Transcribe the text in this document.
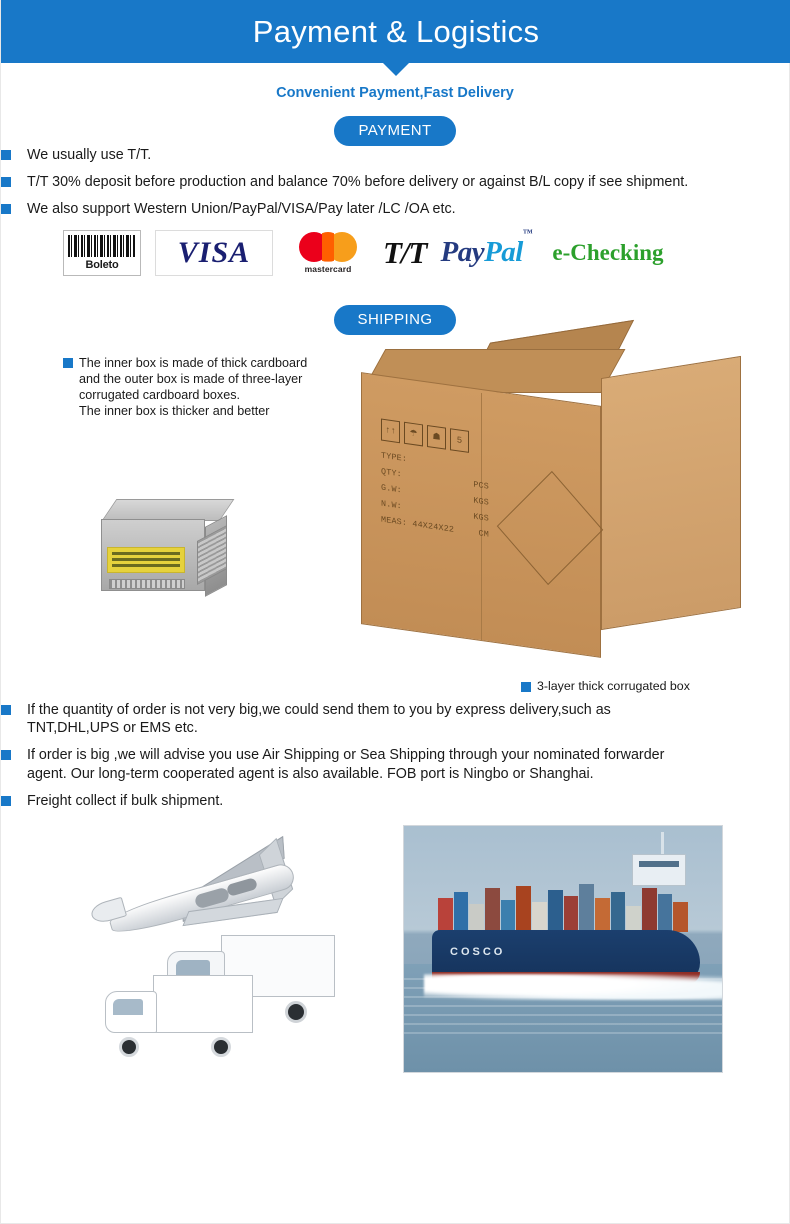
Payment & Logistics
Convenient Payment,Fast Delivery
PAYMENT
We usually use T/T.
T/T 30% deposit before production and balance 70% before delivery or against B/L copy if see shipment.
We also support Western Union/PayPal/VISA/Pay later /LC /OA etc.
Boleto VISA	mastercard T/T PayPal™
e-Checking
SHIPPING
The inner box is made of thick cardboard
and the outer box is made of three-layer
corrugated cardboard boxes.
The inner box is thicker and better
↑↑	☂	☗	5
TYPE:
QTY:
PCS
G.W:
KGS
N.W:
KGS
MEAS: 44X24X22	CM
3-layer thick corrugated box
If the quantity of order is not very big,we could send them to you by express delivery,such as TNT,DHL,UPS or EMS etc.
If order is big ,we will advise you use Air Shipping or Sea Shipping through your nominated forwarder agent. Our long-term cooperated agent is also available. FOB port is Ningbo or Shanghai.
Freight collect if bulk shipment.
COSCO
